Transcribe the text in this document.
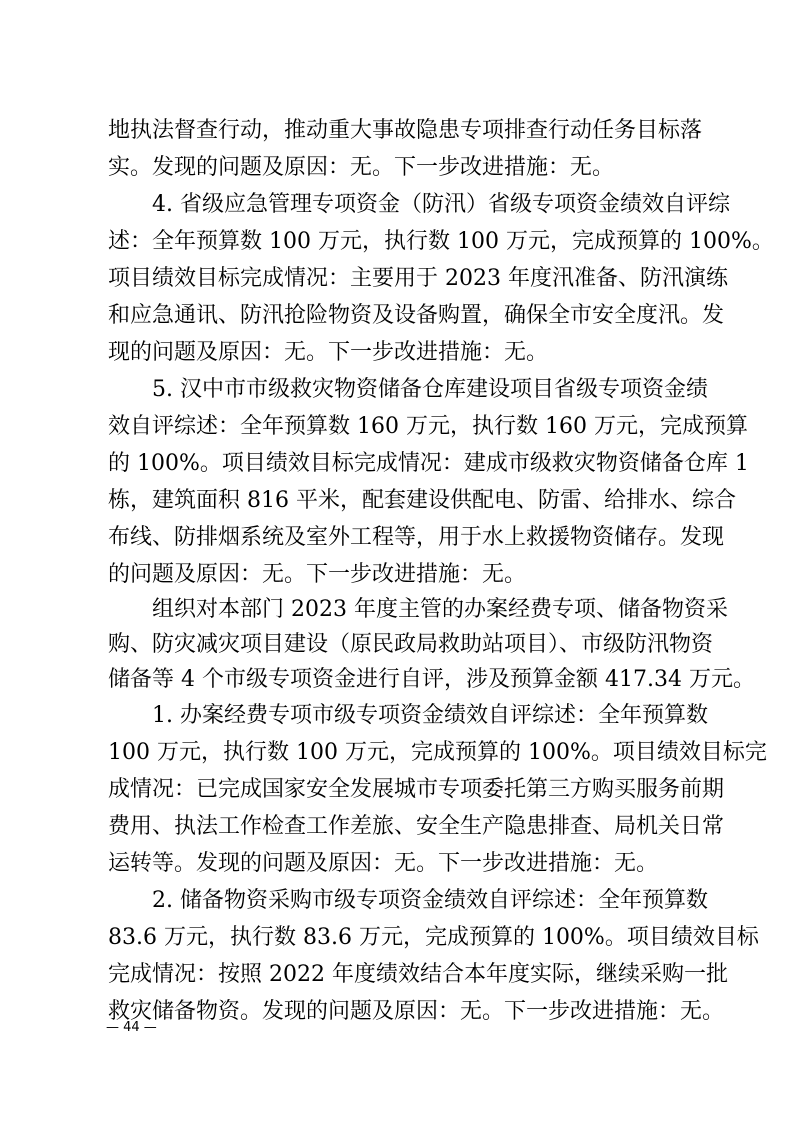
地执法督查行动，推动重大事故隐患专项排查行动任务目标落
实。发现的问题及原因：无。下一步改进措施：无。
4. 省级应急管理专项资金（防汛）省级专项资金绩效自评综
述：全年预算数 100 万元，执行数 100 万元，完成预算的 100%。
项目绩效目标完成情况：主要用于 2023 年度汛准备、防汛演练
和应急通讯、防汛抢险物资及设备购置，确保全市安全度汛。发
现的问题及原因：无。下一步改进措施：无。
5. 汉中市市级救灾物资储备仓库建设项目省级专项资金绩
效自评综述：全年预算数 160 万元，执行数 160 万元，完成预算
的 100%。项目绩效目标完成情况：建成市级救灾物资储备仓库 1
栋，建筑面积 816 平米，配套建设供配电、防雷、给排水、综合
布线、防排烟系统及室外工程等，用于水上救援物资储存。发现
的问题及原因：无。下一步改进措施：无。
组织对本部门 2023 年度主管的办案经费专项、储备物资采
购、防灾减灾项目建设（原民政局救助站项目）、市级防汛物资
储备等 4 个市级专项资金进行自评，涉及预算金额 417.34 万元。
1. 办案经费专项市级专项资金绩效自评综述：全年预算数
100 万元，执行数 100 万元，完成预算的 100%。项目绩效目标完
成情况：已完成国家安全发展城市专项委托第三方购买服务前期
费用、执法工作检查工作差旅、安全生产隐患排查、局机关日常
运转等。发现的问题及原因：无。下一步改进措施：无。
2. 储备物资采购市级专项资金绩效自评综述：全年预算数
83.6 万元，执行数 83.6 万元，完成预算的 100%。项目绩效目标
完成情况：按照 2022 年度绩效结合本年度实际，继续采购一批
救灾储备物资。发现的问题及原因：无。下一步改进措施：无。
— 44 —
